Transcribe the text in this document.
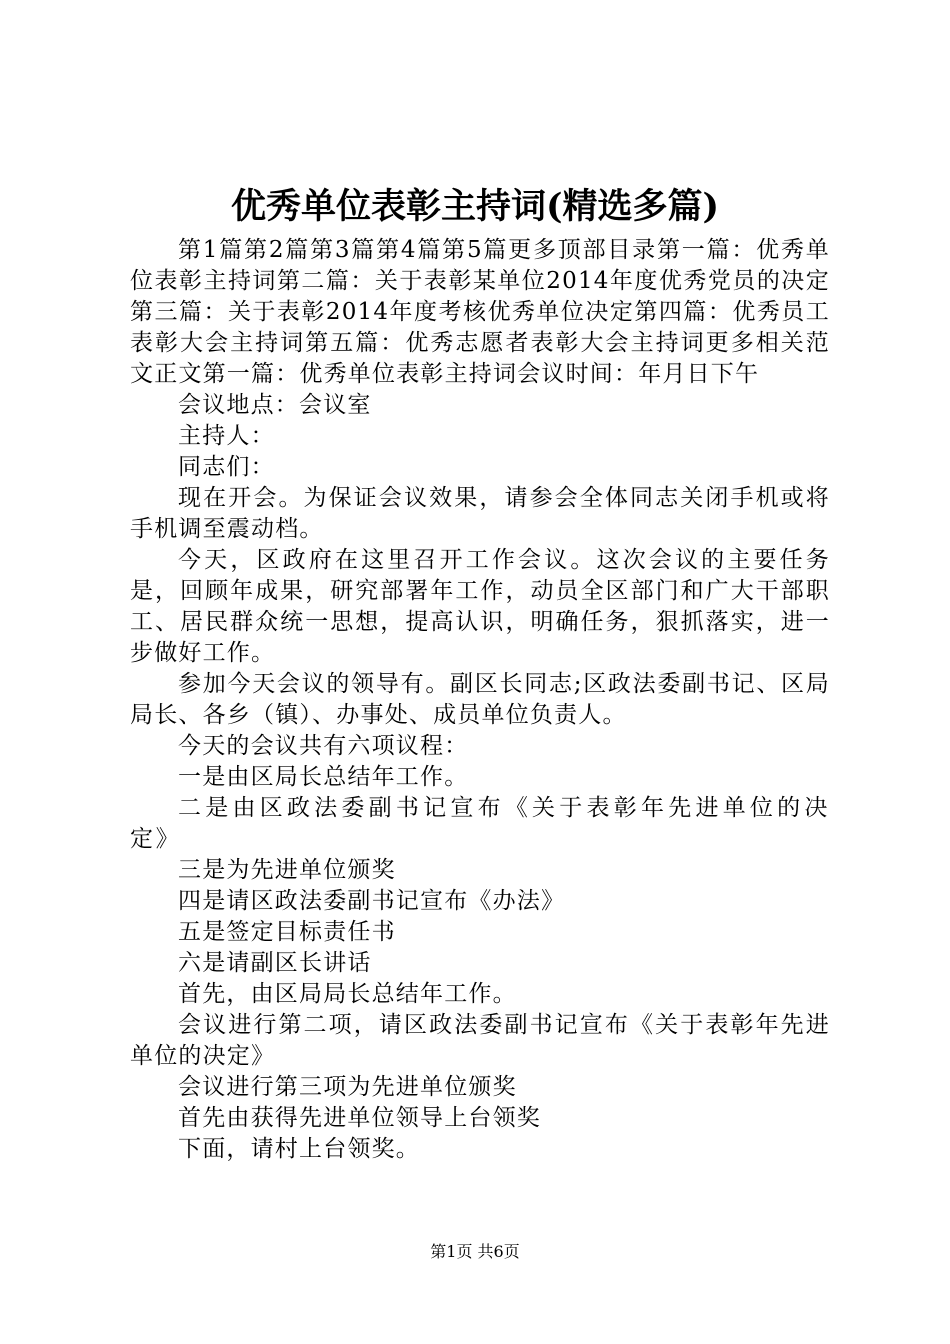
优秀单位表彰主持词(精选多篇)

第1篇第2篇第3篇第4篇第5篇更多顶部目录第一篇：优秀单位表彰主持词第二篇：关于表彰某单位2014年度优秀党员的决定第三篇：关于表彰2014年度考核优秀单位决定第四篇：优秀员工表彰大会主持词第五篇：优秀志愿者表彰大会主持词更多相关范文正文第一篇：优秀单位表彰主持词会议时间：年月日下午

会议地点：会议室

主持人：

同志们：

现在开会。为保证会议效果，请参会全体同志关闭手机或将手机调至震动档。

今天，区政府在这里召开工作会议。这次会议的主要任务是，回顾年成果，研究部署年工作，动员全区部门和广大干部职工、居民群众统一思想，提高认识，明确任务，狠抓落实，进一步做好工作。

参加今天会议的领导有。副区长同志;区政法委副书记、区局局长、各乡（镇）、办事处、成员单位负责人。

今天的会议共有六项议程：

一是由区局长总结年工作。

二是由区政法委副书记宣布《关于表彰年先进单位的决定》

三是为先进单位颁奖

四是请区政法委副书记宣布《办法》

五是签定目标责任书

六是请副区长讲话

首先，由区局局长总结年工作。

会议进行第二项，请区政法委副书记宣布《关于表彰年先进单位的决定》

会议进行第三项为先进单位颁奖

首先由获得先进单位领导上台领奖

下面，请村上台领奖。

第1页 共6页
